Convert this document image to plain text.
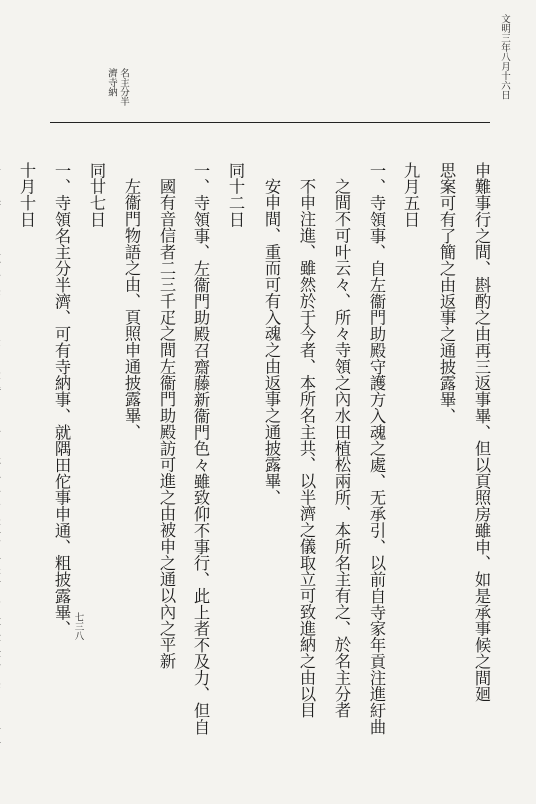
文明三年八月十六日
七三八
名主分半
濟寺納
申難事行之間、斟酌之由再三返事畢、但以頁照房雖申、如是承事候之間廻
思案可有了簡之由返事之通披露畢、
九月五日
一、寺領事、自左衞門助殿守護方入魂之處、无承引、以前自寺家年貢注進紆曲
之間不可叶云々、所々寺領之內水田植松兩所、本所名主有之、於名主分者
不申注進、雖然於于今者、本所名主共、以半濟之儀取立可致進納之由以目
安申間、重而可有入魂之由返事之通披露畢、
同十二日
一、寺領事、左衞門助殿召齋藤新衞門色々雖致仰不事行、此上者不及力、但自
國有音信者二三千疋之間左衞門助殿訪可進之由被申之通以內之平新
左衞門物語之由、頁照申通披露畢、
同廿七日
一、寺領名主分半濟、可有寺納事、就隅田佗事申通、粗披露畢、
十月十日
